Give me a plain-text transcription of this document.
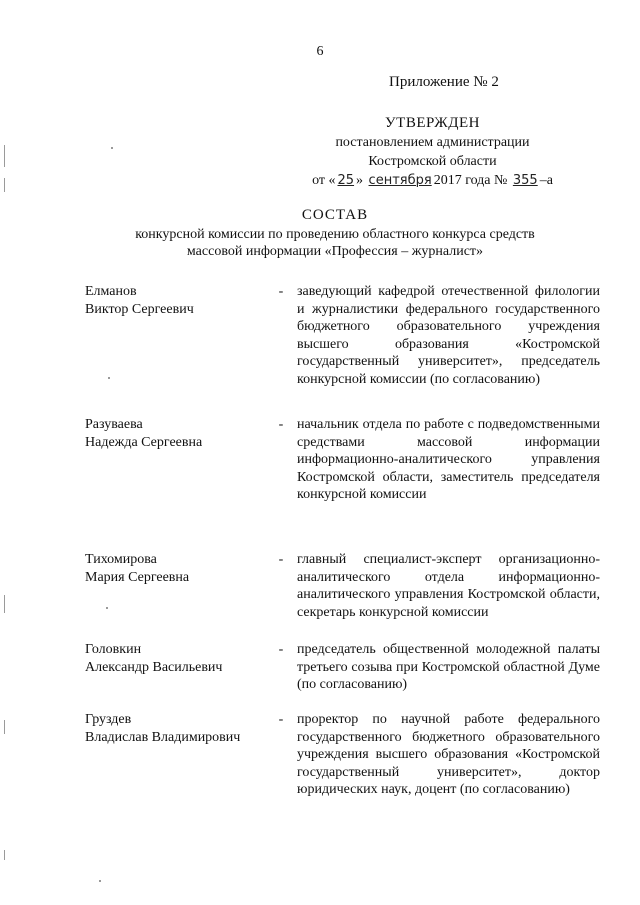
6
Приложение № 2
УТВЕРЖДЕН
постановлением администрации
Костромской области
от « 25 » сентября 2017 года № 355 –а
СОСТАВ
конкурсной комиссии по проведению областного конкурса средств
массовой информации «Профессия – журналист»
Елманов
Виктор Сергеевич
- заведующий кафедрой отечественной филологии и журналистики федерального государственного бюджетного образовательного учреждения высшего образования «Костромской государственный университет», председатель конкурсной комиссии (по согласованию)
Разуваева
Надежда Сергеевна
- начальник отдела по работе с подведомственными средствами массовой информации информационно-аналитического управления Костромской области, заместитель председателя конкурсной комиссии
Тихомирова
Мария Сергеевна
- главный специалист-эксперт организационно-аналитического отдела информационно-аналитического управления Костромской области, секретарь конкурсной комиссии
Головкин
Александр Васильевич
- председатель общественной молодежной палаты третьего созыва при Костромской областной Думе (по согласованию)
Груздев
Владислав Владимирович
- проректор по научной работе федерального государственного бюджетного образовательного учреждения высшего образования «Костромской государственный университет», доктор юридических наук, доцент (по согласованию)
